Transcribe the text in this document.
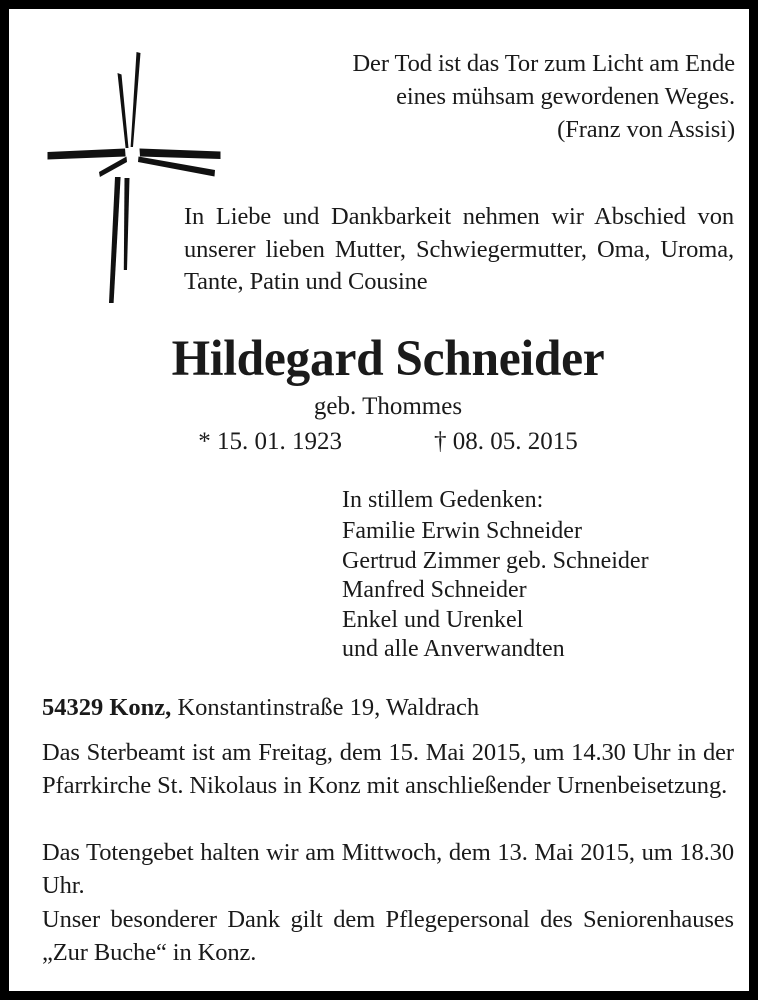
Der Tod ist das Tor zum Licht am Ende
eines mühsam gewordenen Weges.

(Franz von Assisi)
In Liebe und Dankbarkeit nehmen wir Abschied von unserer lieben Mutter, Schwiegermutter, Oma, Uroma, Tante, Patin und Cousine
Hildegard Schneider
geb. Thommes
* 15. 01. 1923	† 08. 05. 2015
In stillem Gedenken:
Familie Erwin Schneider
Gertrud Zimmer geb. Schneider
Manfred Schneider
Enkel und Urenkel
und alle Anverwandten
54329 Konz, Konstantinstraße 19, Waldrach
Das Sterbeamt ist am Freitag, dem 15. Mai 2015, um 14.30 Uhr in der Pfarrkirche St. Nikolaus in Konz mit anschließender Urnenbeisetzung.
Das Totengebet halten wir am Mittwoch, dem 13. Mai 2015, um 18.30 Uhr.
Unser besonderer Dank gilt dem Pflegepersonal des Seniorenhauses „Zur Buche“ in Konz.
